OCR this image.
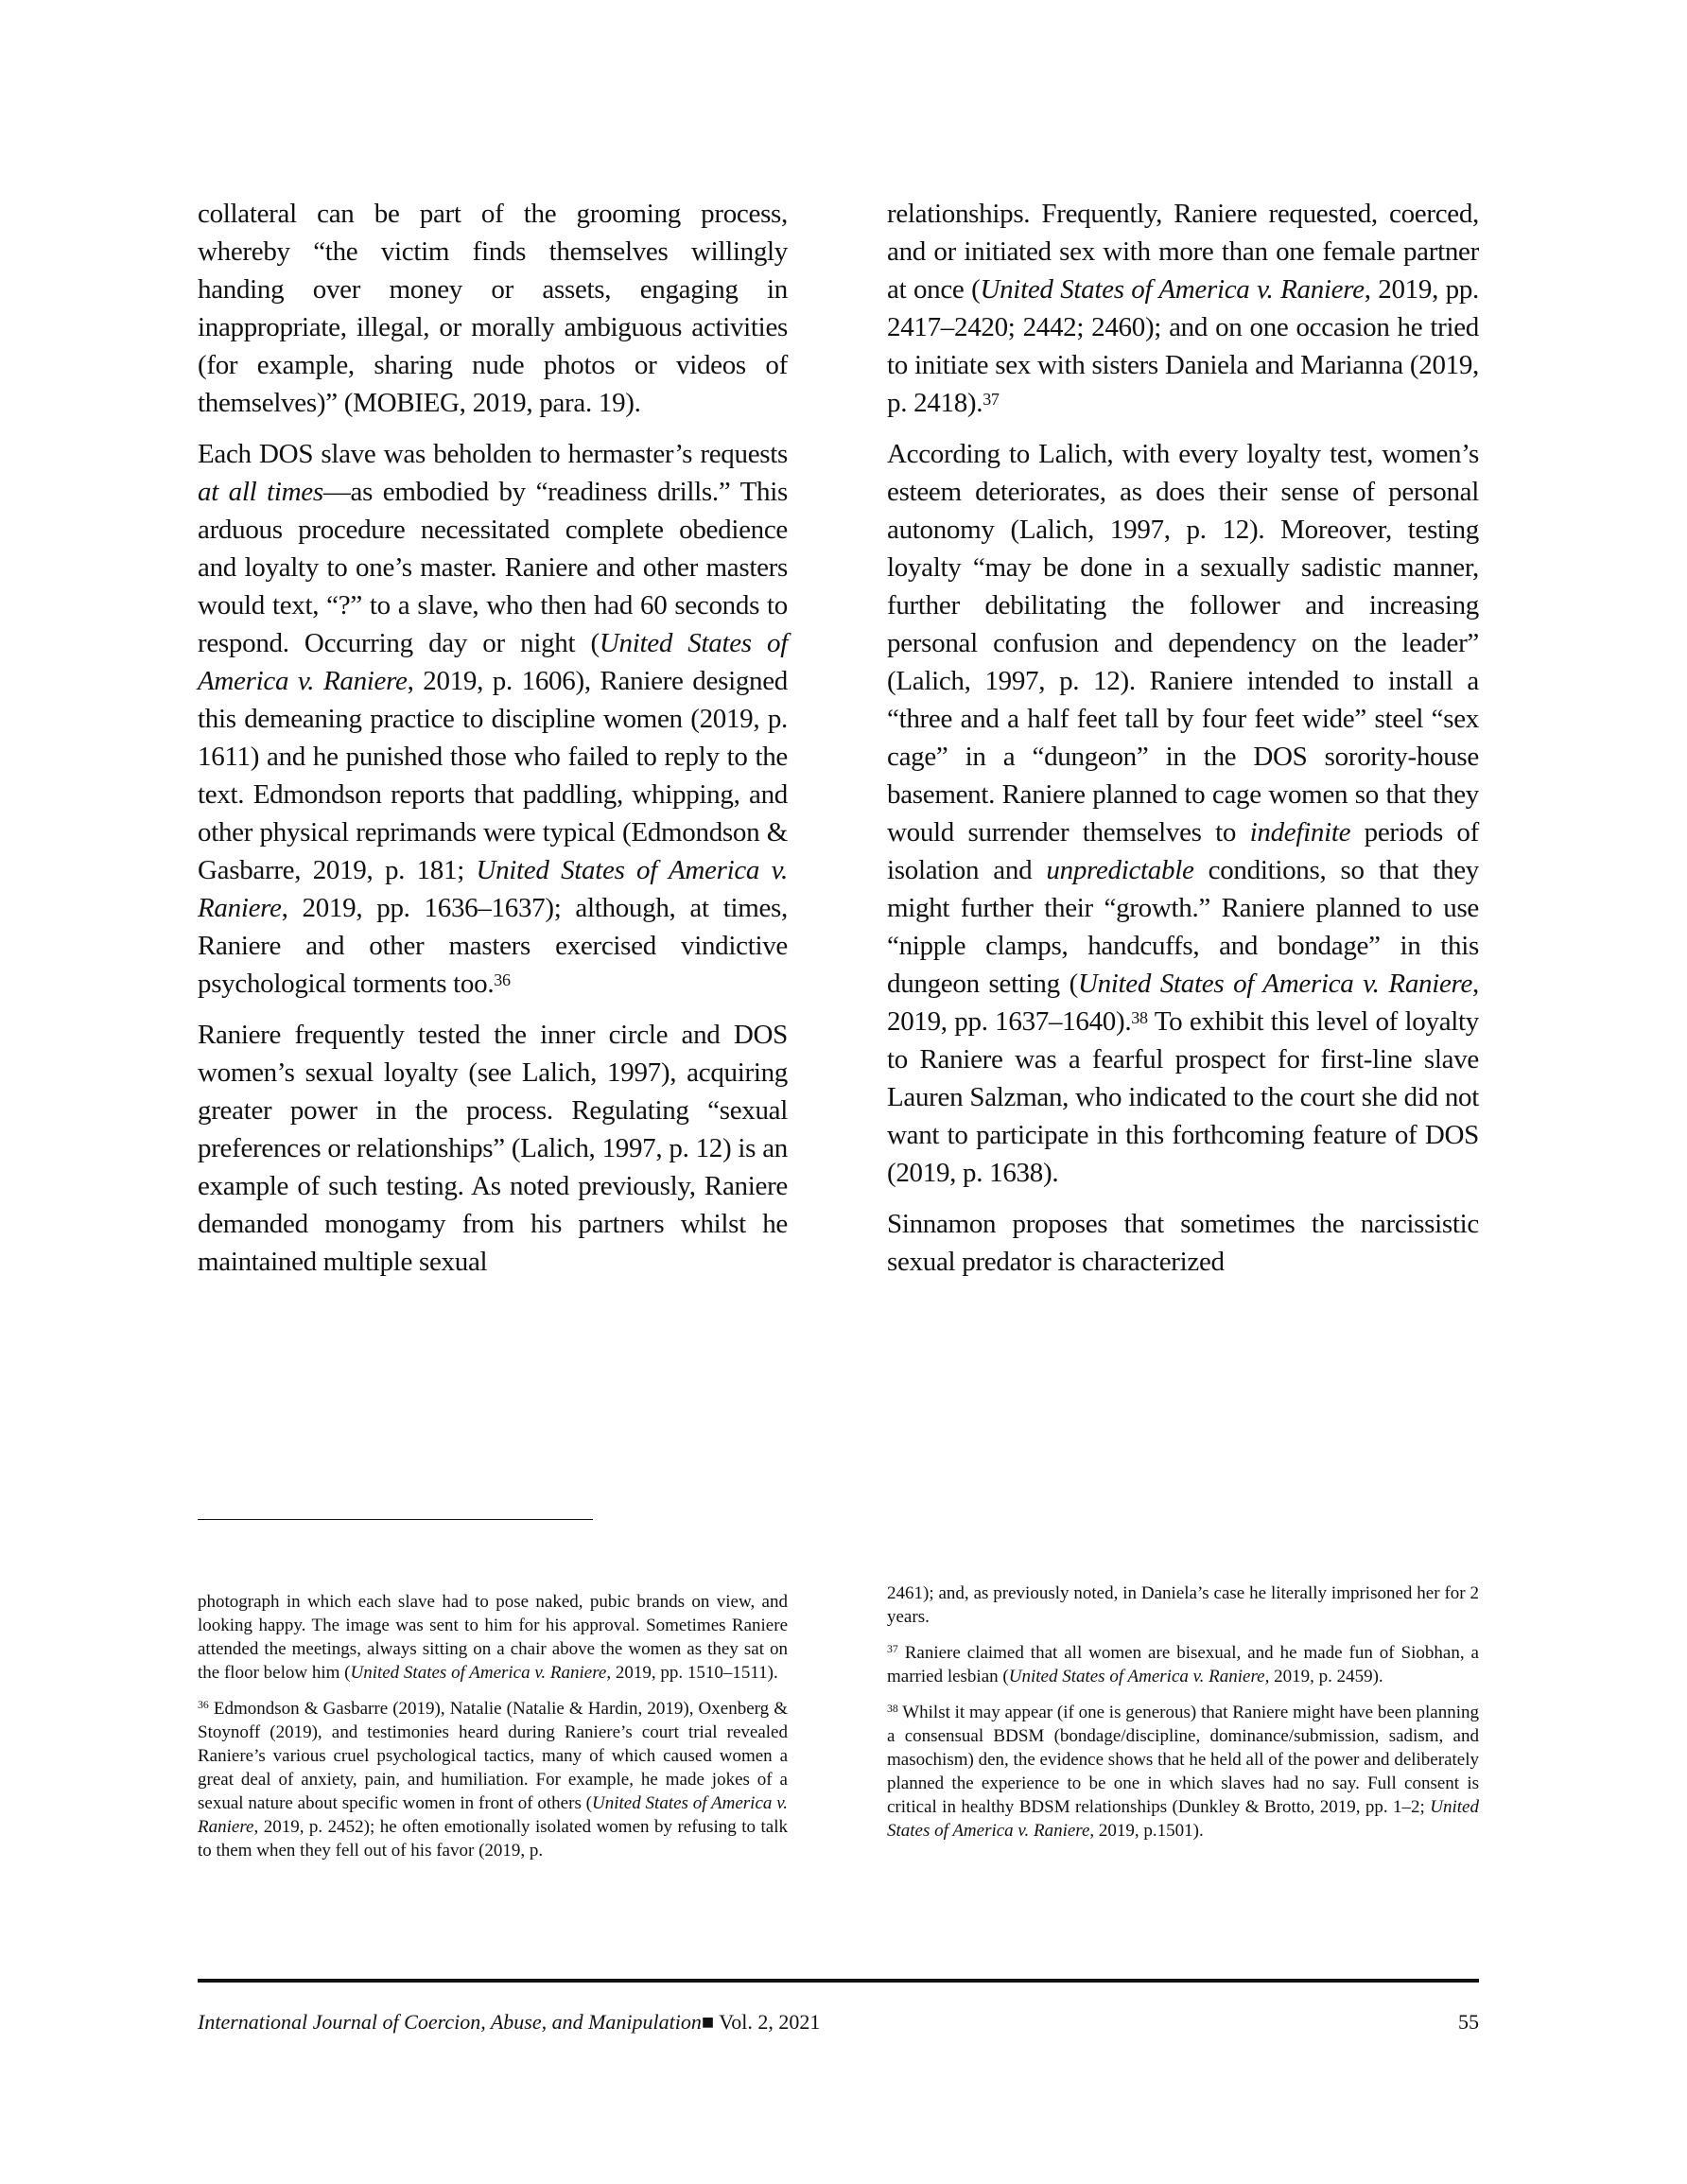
collateral can be part of the grooming process, whereby “the victim finds themselves willingly handing over money or assets, engaging in inappropriate, illegal, or morally ambiguous activities (for example, sharing nude photos or videos of themselves)” (MOBIEG, 2019, para. 19).

Each DOS slave was beholden to hermaster’s requests at all times—as embodied by “readiness drills.” This arduous procedure necessitated complete obedience and loyalty to one’s master. Raniere and other masters would text, “?” to a slave, who then had 60 seconds to respond. Occurring day or night (United States of America v. Raniere, 2019, p. 1606), Raniere designed this demeaning practice to discipline women (2019, p. 1611) and he punished those who failed to reply to the text. Edmondson reports that paddling, whipping, and other physical reprimands were typical (Edmondson & Gasbarre, 2019, p. 181; United States of America v. Raniere, 2019, pp. 1636–1637); although, at times, Raniere and other masters exercised vindictive psychological torments too.$^{36}$

Raniere frequently tested the inner circle and DOS women’s sexual loyalty (see Lalich, 1997), acquiring greater power in the process. Regulating “sexual preferences or relationships” (Lalich, 1997, p. 12) is an example of such testing. As noted previously, Raniere demanded monogamy from his partners whilst he maintained multiple sexual

relationships. Frequently, Raniere requested, coerced, and or initiated sex with more than one female partner at once (United States of America v. Raniere, 2019, pp. 2417–2420; 2442; 2460); and on one occasion he tried to initiate sex with sisters Daniela and Marianna (2019, p. 2418).$^{37}$

According to Lalich, with every loyalty test, women’s esteem deteriorates, as does their sense of personal autonomy (Lalich, 1997, p. 12). Moreover, testing loyalty “may be done in a sexually sadistic manner, further debilitating the follower and increasing personal confusion and dependency on the leader” (Lalich, 1997, p. 12). Raniere intended to install a “three and a half feet tall by four feet wide” steel “sex cage” in a “dungeon” in the DOS sorority-house basement. Raniere planned to cage women so that they would surrender themselves to indefinite periods of isolation and unpredictable conditions, so that they might further their “growth.” Raniere planned to use “nipple clamps, handcuffs, and bondage” in this dungeon setting (United States of America v. Raniere, 2019, pp. 1637–1640).$^{38}$ To exhibit this level of loyalty to Raniere was a fearful prospect for first-line slave Lauren Salzman, who indicated to the court she did not want to participate in this forthcoming feature of DOS (2019, p. 1638).

Sinnamon proposes that sometimes the narcissistic sexual predator is characterized

photograph in which each slave had to pose naked, pubic brands on view, and looking happy. The image was sent to him for his approval. Sometimes Raniere attended the meetings, always sitting on a chair above the women as they sat on the floor below him (United States of America v. Raniere, 2019, pp. 1510–1511).

$^{36}$ Edmondson & Gasbarre (2019), Natalie (Natalie & Hardin, 2019), Oxenberg & Stoynoff (2019), and testimonies heard during Raniere’s court trial revealed Raniere’s various cruel psychological tactics, many of which caused women a great deal of anxiety, pain, and humiliation. For example, he made jokes of a sexual nature about specific women in front of others (United States of America v. Raniere, 2019, p. 2452); he often emotionally isolated women by refusing to talk to them when they fell out of his favor (2019, p.

2461); and, as previously noted, in Daniela’s case he literally imprisoned her for 2 years.

$^{37}$ Raniere claimed that all women are bisexual, and he made fun of Siobhan, a married lesbian (United States of America v. Raniere, 2019, p. 2459).

$^{38}$ Whilst it may appear (if one is generous) that Raniere might have been planning a consensual BDSM (bondage/discipline, dominance/submission, sadism, and masochism) den, the evidence shows that he held all of the power and deliberately planned the experience to be one in which slaves had no say. Full consent is critical in healthy BDSM relationships (Dunkley & Brotto, 2019, pp. 1–2; United States of America v. Raniere, 2019, p.1501).

International Journal of Coercion, Abuse, and Manipulation■ Vol. 2, 2021	55
